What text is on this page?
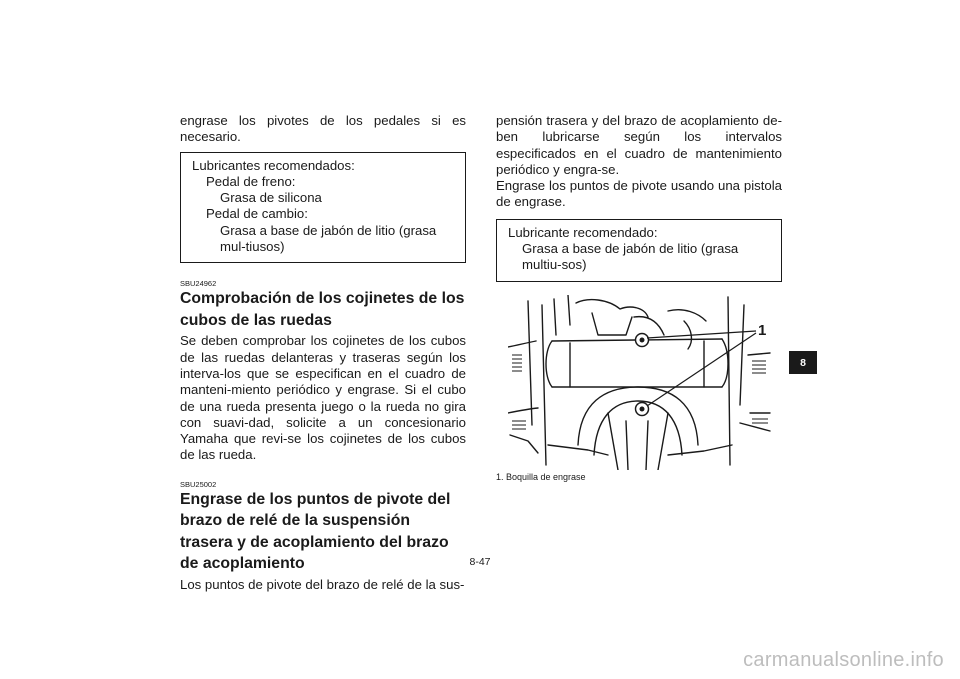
engrase los pivotes de los pedales si es necesario.

Lubricantes recomendados:
Pedal de freno:
Grasa de silicona
Pedal de cambio:
Grasa a base de jabón de litio (grasa mul-tiusos)
SBU24962
Comprobación de los cojinetes de los cubos de las ruedas

Se deben comprobar los cojinetes de los cubos de las ruedas delanteras y traseras según los interva-los que se especifican en el cuadro de manteni-miento periódico y engrase. Si el cubo de una rueda presenta juego o la rueda no gira con suavi-dad, solicite a un concesionario Yamaha que revi-se los cojinetes de los cubos de las rueda.

SBU25002
Engrase de los puntos de pivote del brazo de relé de la suspensión trasera y de acoplamiento del brazo de acoplamiento

Los puntos de pivote del brazo de relé de la sus-

pensión trasera y del brazo de acoplamiento de-ben lubricarse según los intervalos especificados en el cuadro de mantenimiento periódico y engra-se.

Engrase los puntos de pivote usando una pistola de engrase.

Lubricante recomendado:
Grasa a base de jabón de litio (grasa multiu-sos)
1
1. Boquilla de engrase
8-47
8
carmanualsonline.info
